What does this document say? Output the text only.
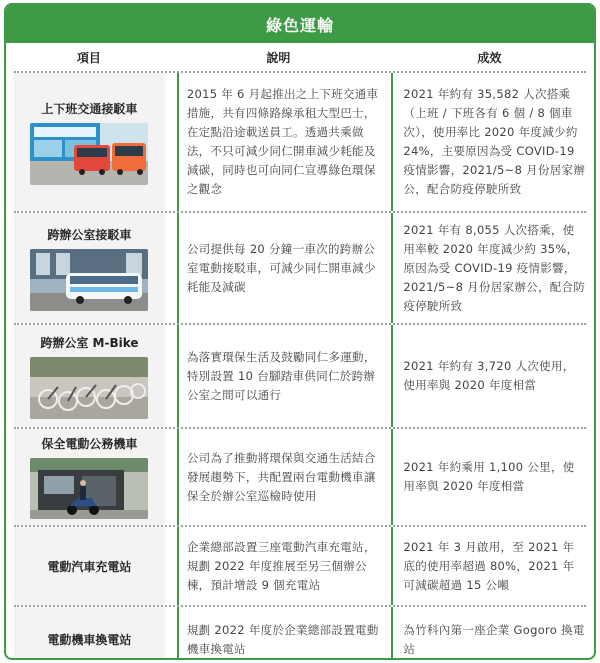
綠色運輸
項目	說明	成效
上下班交通接駁車
2015 年 6 月起推出之上下班交通車措施，共有四條路線承租大型巴士，在定點沿途載送員工。透過共乘做法，不只可減少同仁開車減少耗能及減碳，同時也可向同仁宣導綠色環保之觀念
2021 年約有 35,582 人次搭乘（上班 / 下班各有 6 個 / 8 個車次），使用率比 2020 年度減少約 24%，主要原因為受 COVID-19 疫情影響，2021/5~8 月份居家辦公，配合防疫停駛所致
跨辦公室接駁車
公司提供每 20 分鐘一車次的跨辦公室電動接駁車，可減少同仁開車減少耗能及減碳
2021 年有 8,055 人次搭乘，使用率較 2020 年度減少約 35%，原因為受 COVID-19 疫情影響，2021/5~8 月份居家辦公，配合防疫停駛所致
跨辦公室 M-Bike
為落實環保生活及鼓勵同仁多運動，特別設置 10 台腳踏車供同仁於跨辦公室之間可以通行
2021 年約有 3,720 人次使用，使用率與 2020 年度相當
保全電動公務機車
公司為了推動將環保與交通生活結合發展趨勢下，共配置兩台電動機車讓保全於辦公室巡檢時使用
2021 年約乘用 1,100 公里，使用率與 2020 年度相當
電動汽車充電站
企業總部設置三座電動汽車充電站，規劃 2022 年度推展至另三個辦公棟，預計增設 9 個充電站
2021 年 3 月啟用，至 2021 年底的使用率超過 80%，2021 年可減碳超過 15 公噸
電動機車換電站
規劃 2022 年度於企業總部設置電動機車換電站
為竹科內第一座企業 Gogoro 換電站
